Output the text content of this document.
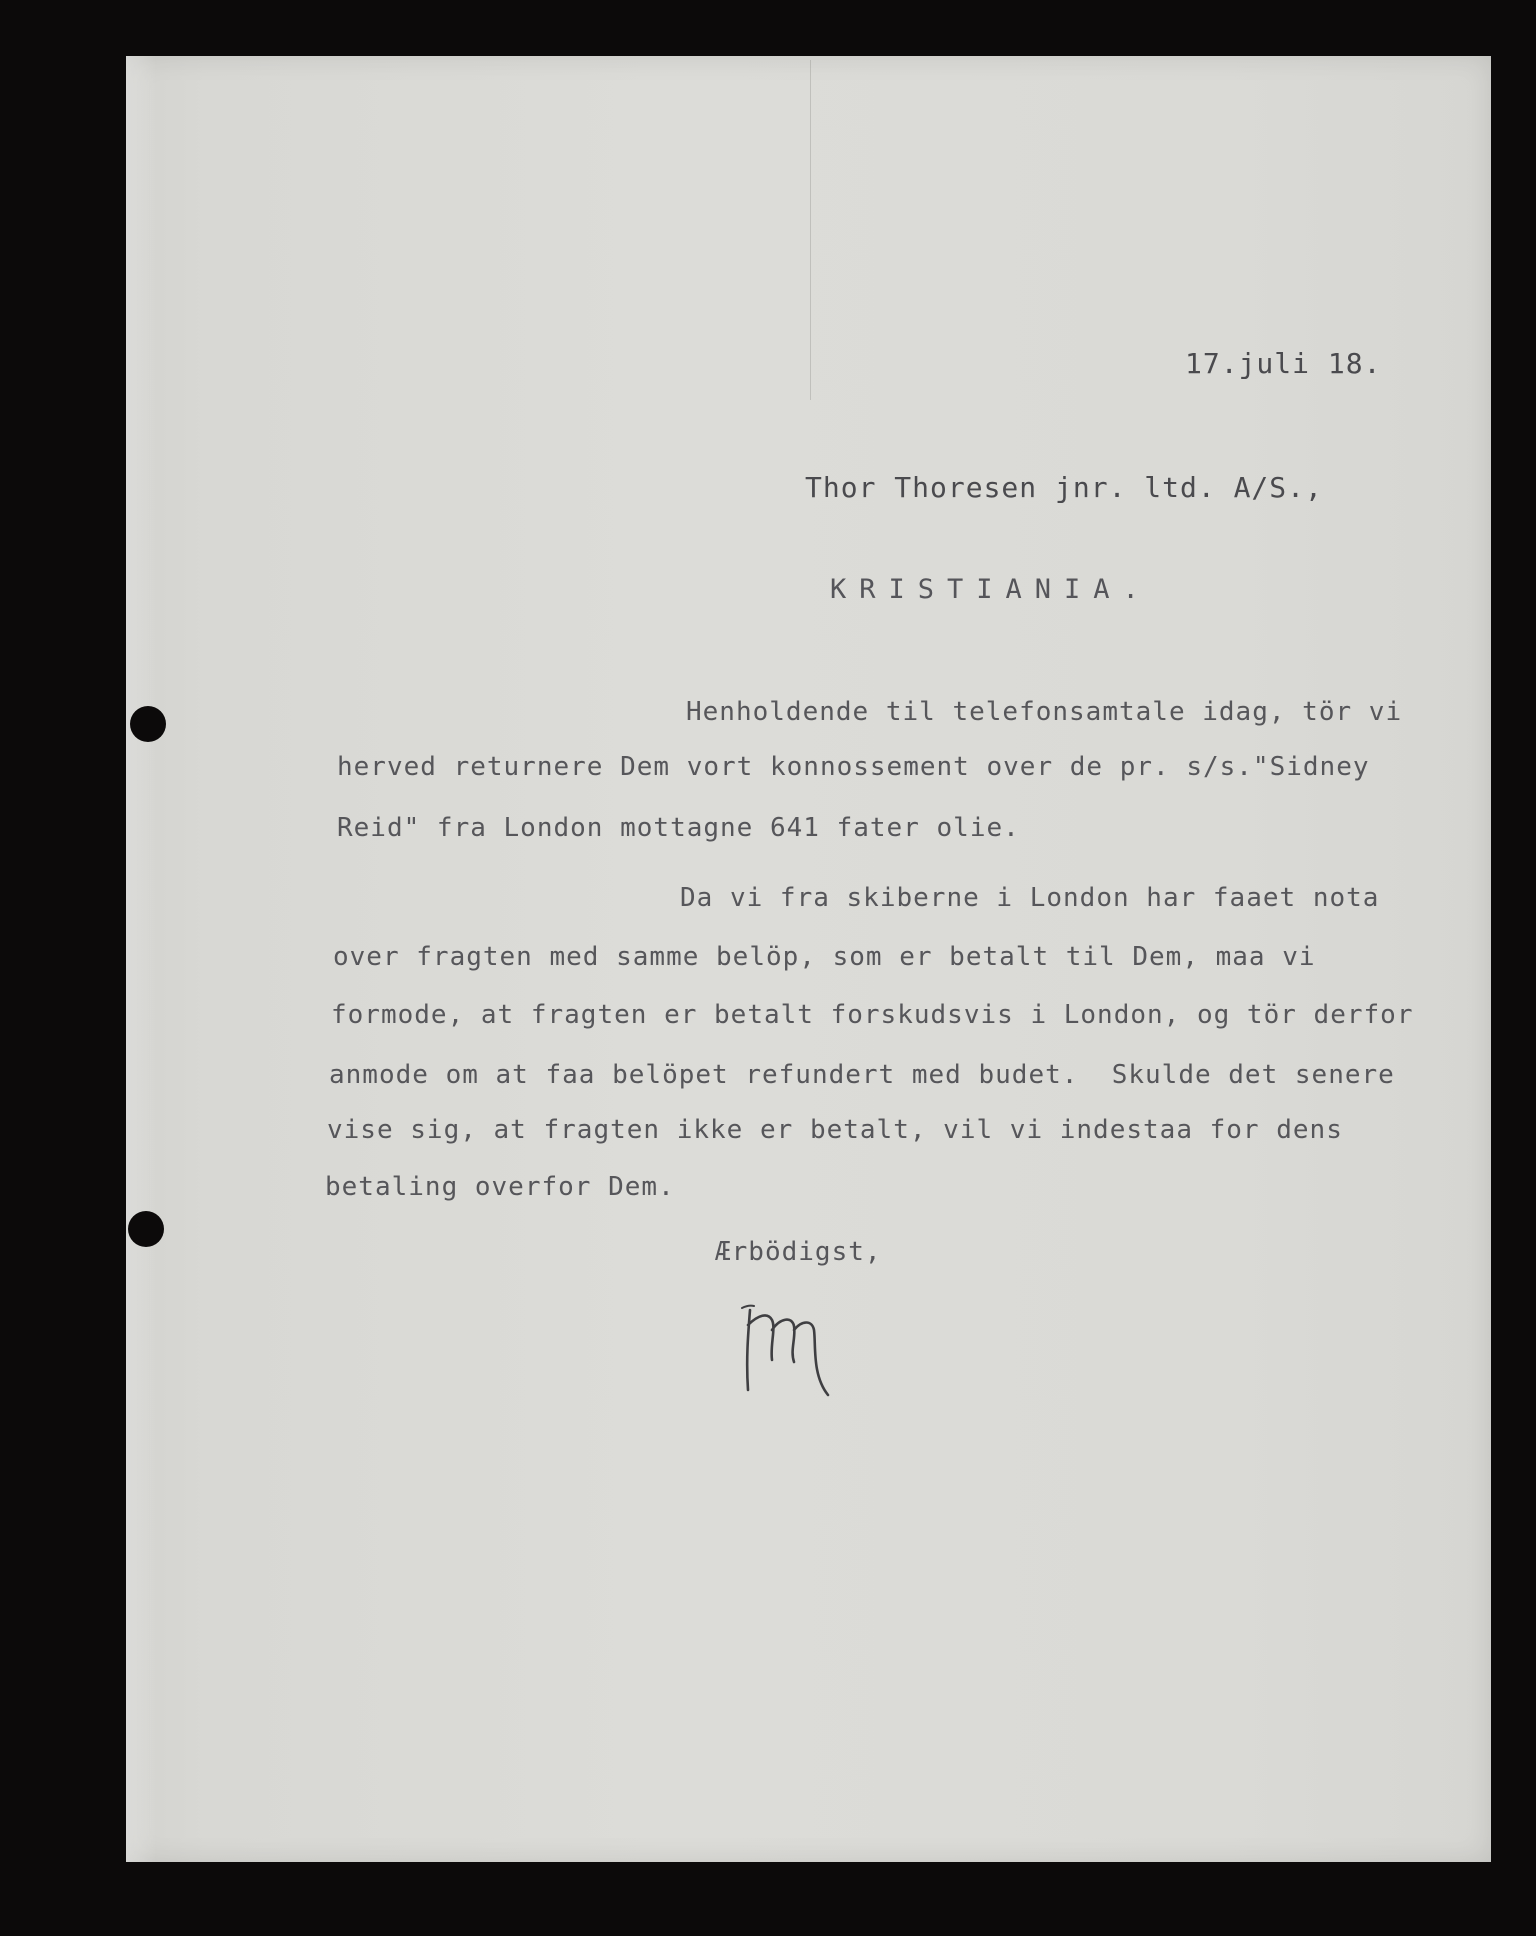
17.juli 18.

Thor Thoresen jnr. ltd. A/S.,

KRISTIANIA.

Henholdende til telefonsamtale idag, tör vi

herved returnere Dem vort konnossement over de pr. s/s."Sidney

Reid" fra London mottagne 641 fater olie.

Da vi fra skiberne i London har faaet nota

over fragten med samme belöp, som er betalt til Dem, maa vi

formode, at fragten er betalt forskudsvis i London, og tör derfor

anmode om at faa belöpet refundert med budet.  Skulde det senere

vise sig, at fragten ikke er betalt, vil vi indestaa for dens

betaling overfor Dem.

Ærbödigst,
